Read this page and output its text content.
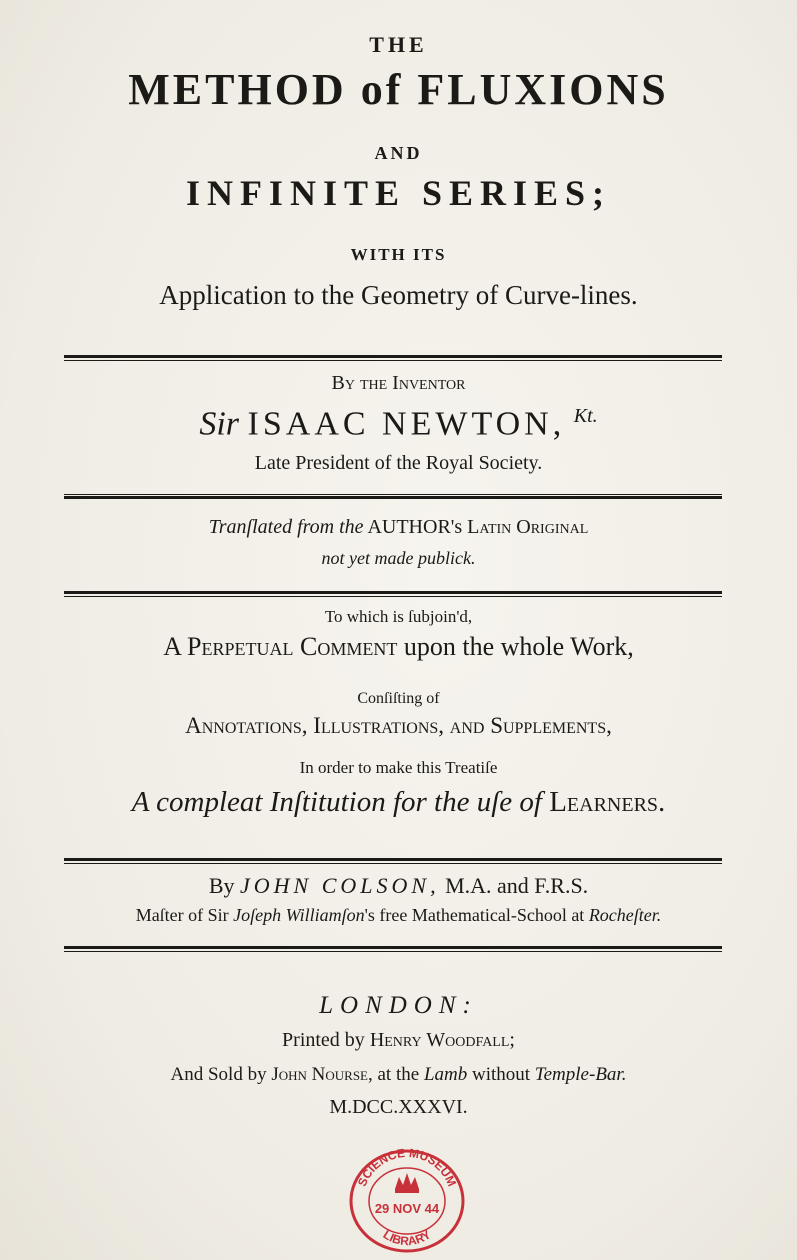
THE
METHOD of FLUXIONS
AND
INFINITE SERIES;
WITH ITS
Application to the Geometry of Curve-lines.
By the Inventor
Sir ISAAC NEWTON, $^{Kt.}$
Late President of the Royal Society.
Tranſlated from the AUTHOR's Latin Original
not yet made publick.
To which is ſubjoin'd,
A Perpetual Comment upon the whole Work,
Conſiſting of
Annotations, Illustrations, and Supplements,
In order to make this Treatiſe
A compleat Inſtitution for the uſe of Learners.
By JOHN COLSON, M.A. and F.R.S.
Maſter of Sir Joſeph Williamſon's free Mathematical-School at Rocheſter.
LONDON:
Printed by Henry Woodfall;
And Sold by John Nourse, at the Lamb without Temple-Bar.
M.DCC.XXXVI.
SCIENCE MUSEUM
LIBRARY
29 NOV 44
